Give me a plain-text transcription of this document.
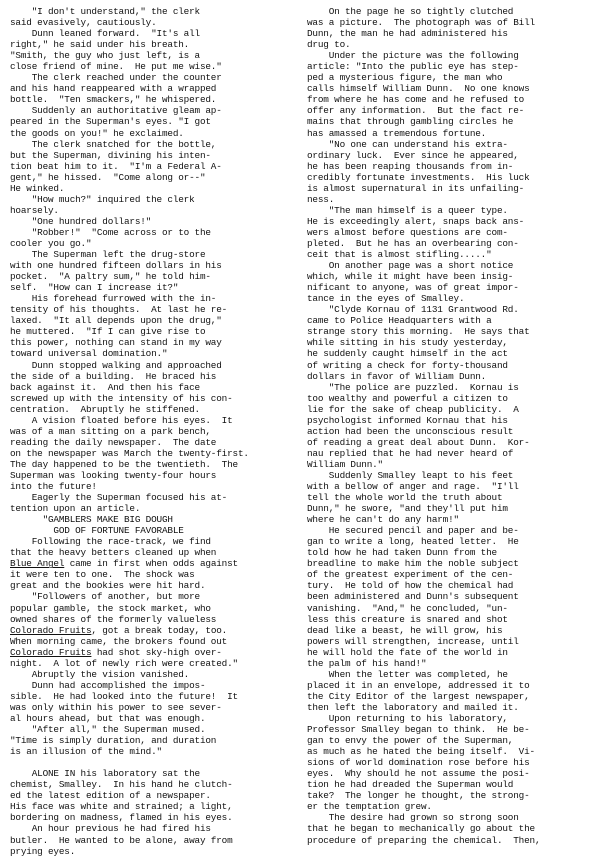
"I don't understand," the clerk
said evasively, cautiously.
Dunn leaned forward.  "It's all
right," he said under his breath.
"Smith, the guy who just left, is a
close friend of mine.  He put me wise."
The clerk reached under the counter
and his hand reappeared with a wrapped
bottle.  "Ten smackers," he whispered.
Suddenly an authoritative gleam ap-
peared in the Superman's eyes. "I got
the goods on you!" he exclaimed.
The clerk snatched for the bottle,
but the Superman, divining his inten-
tion beat him to it.  "I'm a Federal A-
gent," he hissed.  "Come along or--"
He winked.
"How much?" inquired the clerk
hoarsely.
"One hundred dollars!"
"Robber!"  "Come across or to the
cooler you go."
The Superman left the drug-store
with one hundred fifteen dollars in his
pocket.  "A paltry sum," he told him-
self.  "How can I increase it?"
His forehead furrowed with the in-
tensity of his thoughts.  At last he re-
laxed.  "It all depends upon the drug,"
he muttered.  "If I can give rise to
this power, nothing can stand in my way
toward universal domination."
Dunn stopped walking and approached
the side of a building.  He braced his
back against it.  And then his face
screwed up with the intensity of his con-
centration.  Abruptly he stiffened.
A vision floated before his eyes.  It
was of a man sitting on a park bench,
reading the daily newspaper.  The date
on the newspaper was March the twenty-first.
The day happened to be the twentieth.  The
Superman was looking twenty-four hours
into the future!
Eagerly the Superman focused his at-
tention upon an article.
"GAMBLERS MAKE BIG DOUGH
GOD OF FORTUNE FAVORABLE
Following the race-track, we find
that the heavy betters cleaned up when
Blue Angel came in first when odds against
it were ten to one.  The shock was
great and the bookies were hit hard.
"Followers of another, but more
popular gamble, the stock market, who
owned shares of the formerly valueless
Colorado Fruits, got a break today, too.
When morning came, the brokers found out
Colorado Fruits had shot sky-high over-
night.  A lot of newly rich were created."
Abruptly the vision vanished.
Dunn had accomplished the impos-
sible.  He had looked into the future!  It
was only within his power to see sever-
al hours ahead, but that was enough.
"After all," the Superman mused.
"Time is simply duration, and duration
is an illusion of the mind."
ALONE IN his laboratory sat the
chemist, Smalley.  In his hand he clutch-
ed the latest edition of a newspaper.
His face was white and strained; a light,
bordering on madness, flamed in his eyes.
An hour previous he had fired his
butler.  He wanted to be alone, away from
prying eyes.
On the page he so tightly clutched
was a picture.  The photograph was of Bill
Dunn, the man he had administered his
drug to.
Under the picture was the following
article: "Into the public eye has step-
ped a mysterious figure, the man who
calls himself William Dunn.  No one knows
from where he has come and he refused to
offer any information.  But the fact re-
mains that through gambling circles he
has amassed a tremendous fortune.
"No one can understand his extra-
ordinary luck.  Ever since he appeared,
he has been reaping thousands from in-
credibly fortunate investments.  His luck
is almost supernatural in its unfailing-
ness.
"The man himself is a queer type.
He is exceedingly alert, snaps back ans-
wers almost before questions are com-
pleted.  But he has an overbearing con-
ceit that is almost stifling....."
On another page was a short notice
which, while it might have been insig-
nificant to anyone, was of great impor-
tance in the eyes of Smalley.
"Clyde Kornau of 1131 Grantwood Rd.
came to Police Headquarters with a
strange story this morning.  He says that
while sitting in his study yesterday,
he suddenly caught himself in the act
of writing a check for forty-thousand
dollars in favor of William Dunn.
"The police are puzzled.  Kornau is
too wealthy and powerful a citizen to
lie for the sake of cheap publicity.  A
psychologist informed Kornau that his
action had been the unconscious result
of reading a great deal about Dunn.  Kor-
nau replied that he had never heard of
William Dunn."
Suddenly Smalley leapt to his feet
with a bellow of anger and rage.  "I'll
tell the whole world the truth about
Dunn," he swore, "and they'll put him
where he can't do any harm!"
He secured pencil and paper and be-
gan to write a long, heated letter.  He
told how he had taken Dunn from the
breadline to make him the noble subject
of the greatest experiment of the cen-
tury.  He told of how the chemical had
been administered and Dunn's subsequent
vanishing.  "And," he concluded, "un-
less this creature is snared and shot
dead like a beast, he will grow, his
powers will strengthen, increase, until
he will hold the fate of the world in
the palm of his hand!"
When the letter was completed, he
placed it in an envelope, addressed it to
the City Editor of the largest newspaper,
then left the laboratory and mailed it.
Upon returning to his laboratory,
Professor Smalley began to think.  He be-
gan to envy the power of the Superman,
as much as he hated the being itself.  Vi-
sions of world domination rose before his
eyes.  Why should he not assume the posi-
tion he had dreaded the Superman would
take?  The longer he thought, the strong-
er the temptation grew.
The desire had grown so strong soon
that he began to mechanically go about the
procedure of preparing the chemical.  Then,
